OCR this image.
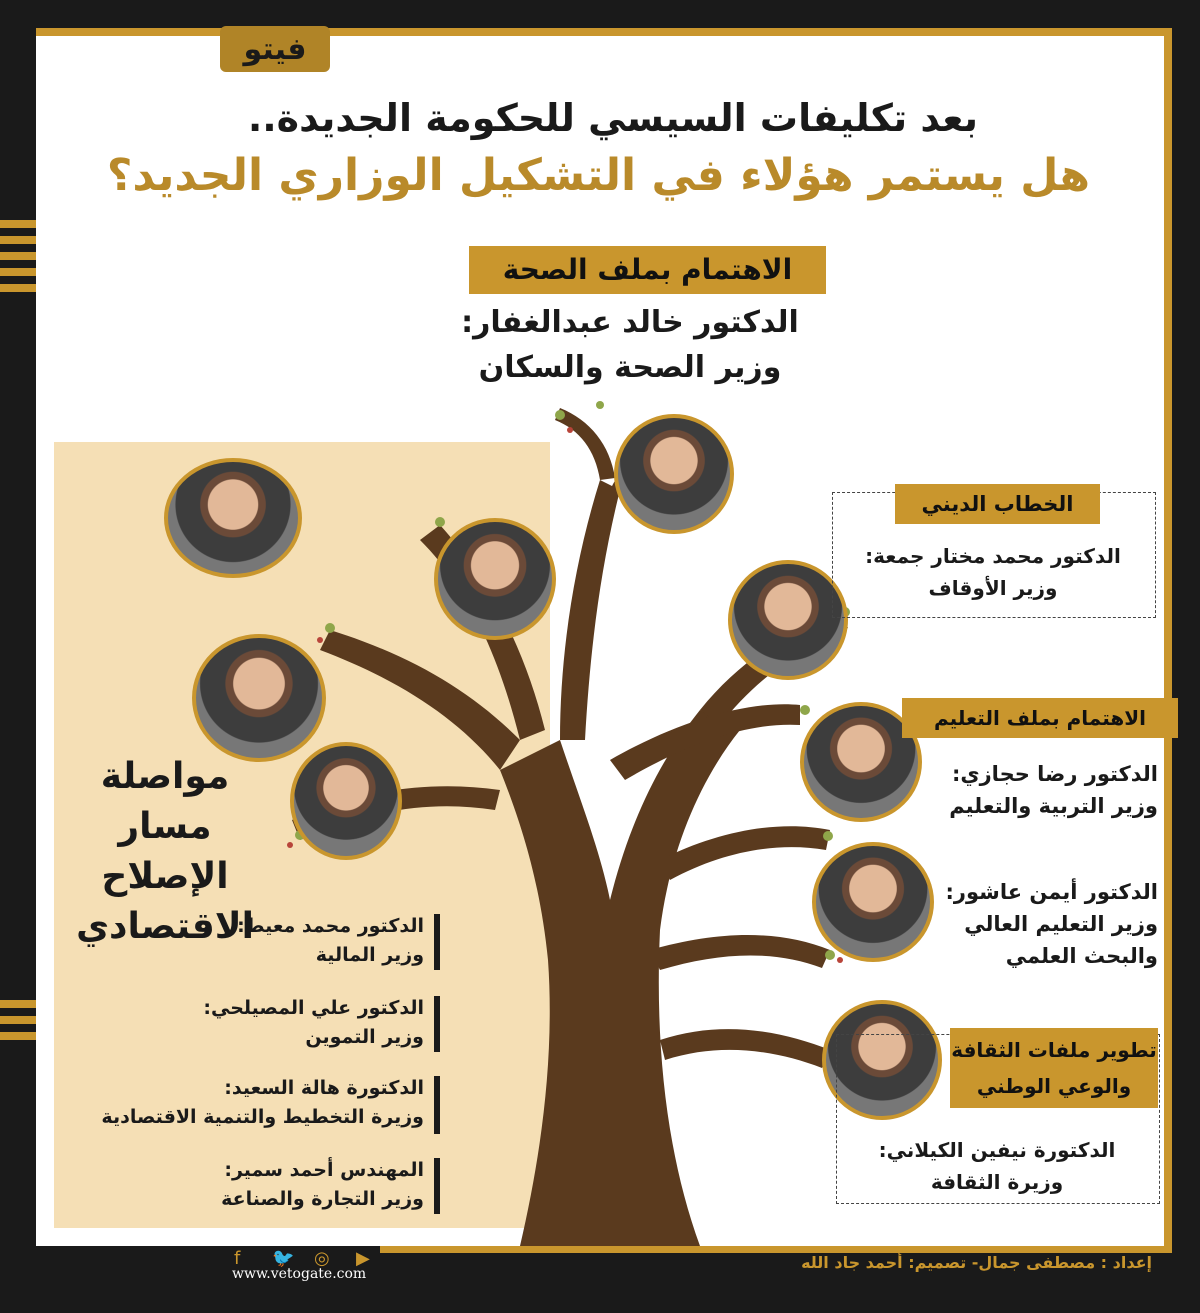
فيتو
بعد تكليفات السيسي للحكومة الجديدة..
هل يستمر هؤلاء في التشكيل الوزاري الجديد؟
الاهتمام بملف الصحة
الدكتور خالد عبدالغفار:
وزير الصحة والسكان
مواصلة
مسار الإصلاح
الاقتصادي
الدكتور محمد معيط:
وزير المالية
الدكتور علي المصيلحي:
وزير التموين
الدكتورة هالة السعيد:
وزيرة التخطيط والتنمية الاقتصادية
المهندس أحمد سمير:
وزير التجارة والصناعة
الخطاب الديني
الدكتور محمد مختار جمعة:
وزير الأوقاف
الاهتمام بملف التعليم
الدكتور رضا حجازي:
وزير التربية والتعليم
الدكتور أيمن عاشور:
وزير التعليم العالي
والبحث العلمي
تطوير ملفات الثقافة
والوعي الوطني
الدكتورة نيفين الكيلاني:
وزيرة الثقافة
إعداد : مصطفى جمال- تصميم: أحمد جاد الله
f 🐦 ◎ ▶
www.vetogate.com
